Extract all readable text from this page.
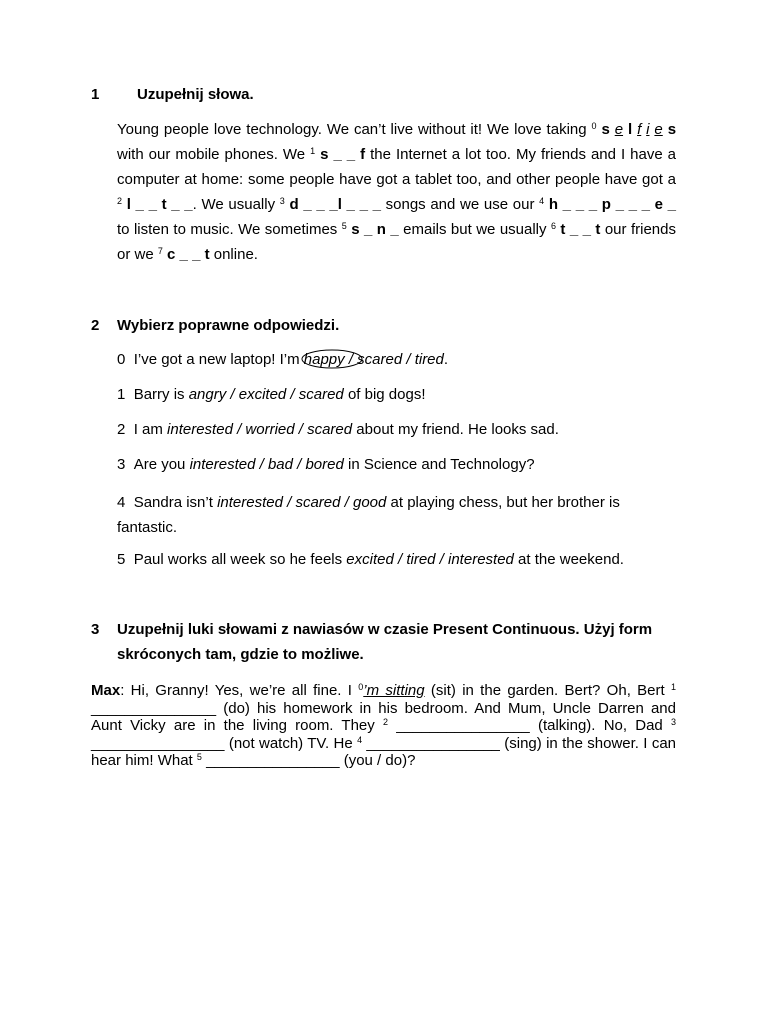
1	Uzupełnij słowa.
Young people love technology. We can’t live without it! We love taking $^0$ s e l f i e s with our mobile phones. We $^1$ s _ _ f the Internet a lot too. My friends and I have a computer at home: some people have got a tablet too, and other people have got a $^2$ l _ _ t _ _. We usually $^3$ d _ _ _l _ _ _ songs and we use our $^4$ h _ _ _ p _ _ _ e _ to listen to music. We sometimes $^5$ s _ n _ emails but we usually $^6$ t _ _ t our friends or we $^7$ c _ _ t online.
2 Wybierz poprawne odpowiedzi.
0 I’ve got a new laptop! I’m
happy / scared / tired.
1 Barry is angry / excited / scared of big dogs!
2 I am interested / worried / scared about my friend. He looks sad.
3 Are you interested / bad / bored in Science and Technology?
4 Sandra isn’t interested / scared / good at playing chess, but her brother is fantastic.
5 Paul works all week so he feels excited / tired / interested at the weekend.
3 Uzupełnij luki słowami z nawiasów w czasie Present Continuous. Użyj form skróconych tam, gdzie to możliwe.
Max: Hi, Granny! Yes, we’re all fine. I $^0$’m sitting (sit) in the garden. Bert? Oh, Bert $^1$ _______________ (do) his homework in his bedroom. And Mum, Uncle Darren and Aunt Vicky are in the living room. They $^2$ ________________ (talking). No, Dad $^3$ ________________ (not watch) TV. He $^4$ ________________ (sing) in the shower. I can hear him! What $^5$ ________________ (you / do)?
